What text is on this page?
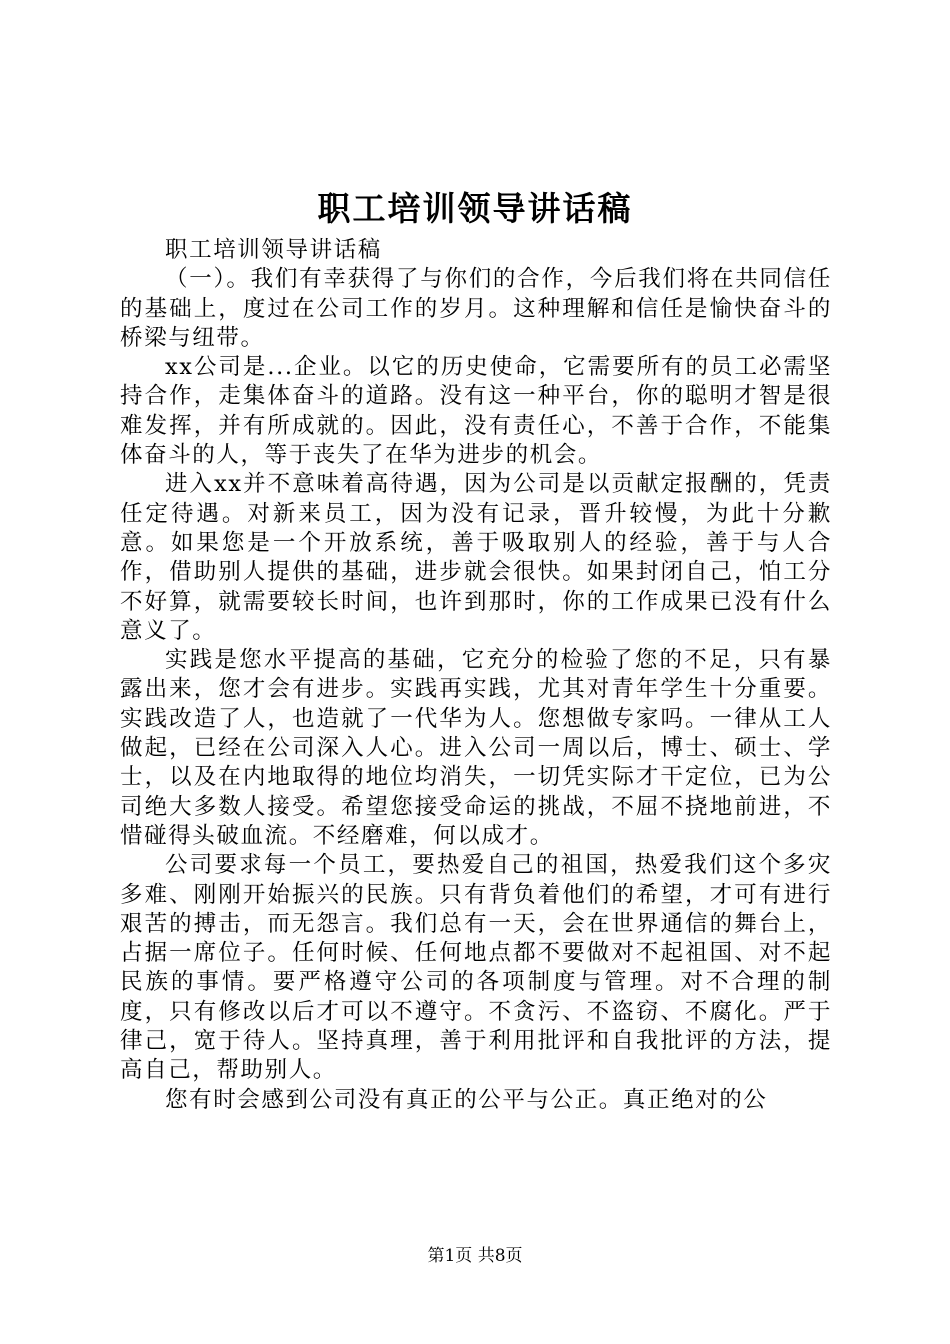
职工培训领导讲话稿

职工培训领导讲话稿

（一）。我们有幸获得了与你们的合作，今后我们将在共同信任的基础上，度过在公司工作的岁月。这种理解和信任是愉快奋斗的桥梁与纽带。

xx公司是...企业。以它的历史使命，它需要所有的员工必需坚持合作，走集体奋斗的道路。没有这一种平台，你的聪明才智是很难发挥，并有所成就的。因此，没有责任心，不善于合作，不能集体奋斗的人，等于丧失了在华为进步的机会。

进入xx并不意味着高待遇，因为公司是以贡献定报酬的，凭责任定待遇。对新来员工，因为没有记录，晋升较慢，为此十分歉意。如果您是一个开放系统，善于吸取别人的经验，善于与人合作，借助别人提供的基础，进步就会很快。如果封闭自己，怕工分不好算，就需要较长时间，也许到那时，你的工作成果已没有什么意义了。

实践是您水平提高的基础，它充分的检验了您的不足，只有暴露出来，您才会有进步。实践再实践，尤其对青年学生十分重要。实践改造了人，也造就了一代华为人。您想做专家吗。一律从工人做起，已经在公司深入人心。进入公司一周以后，博士、硕士、学士，以及在内地取得的地位均消失，一切凭实际才干定位，已为公司绝大多数人接受。希望您接受命运的挑战，不屈不挠地前进，不惜碰得头破血流。不经磨难，何以成才。

公司要求每一个员工，要热爱自己的祖国，热爱我们这个多灾多难、刚刚开始振兴的民族。只有背负着他们的希望，才可有进行艰苦的搏击，而无怨言。我们总有一天，会在世界通信的舞台上，占据一席位子。任何时候、任何地点都不要做对不起祖国、对不起民族的事情。要严格遵守公司的各项制度与管理。对不合理的制度，只有修改以后才可以不遵守。不贪污、不盗窃、不腐化。严于律己，宽于待人。坚持真理，善于利用批评和自我批评的方法，提高自己，帮助别人。

您有时会感到公司没有真正的公平与公正。真正绝对的公

第1页 共8页
